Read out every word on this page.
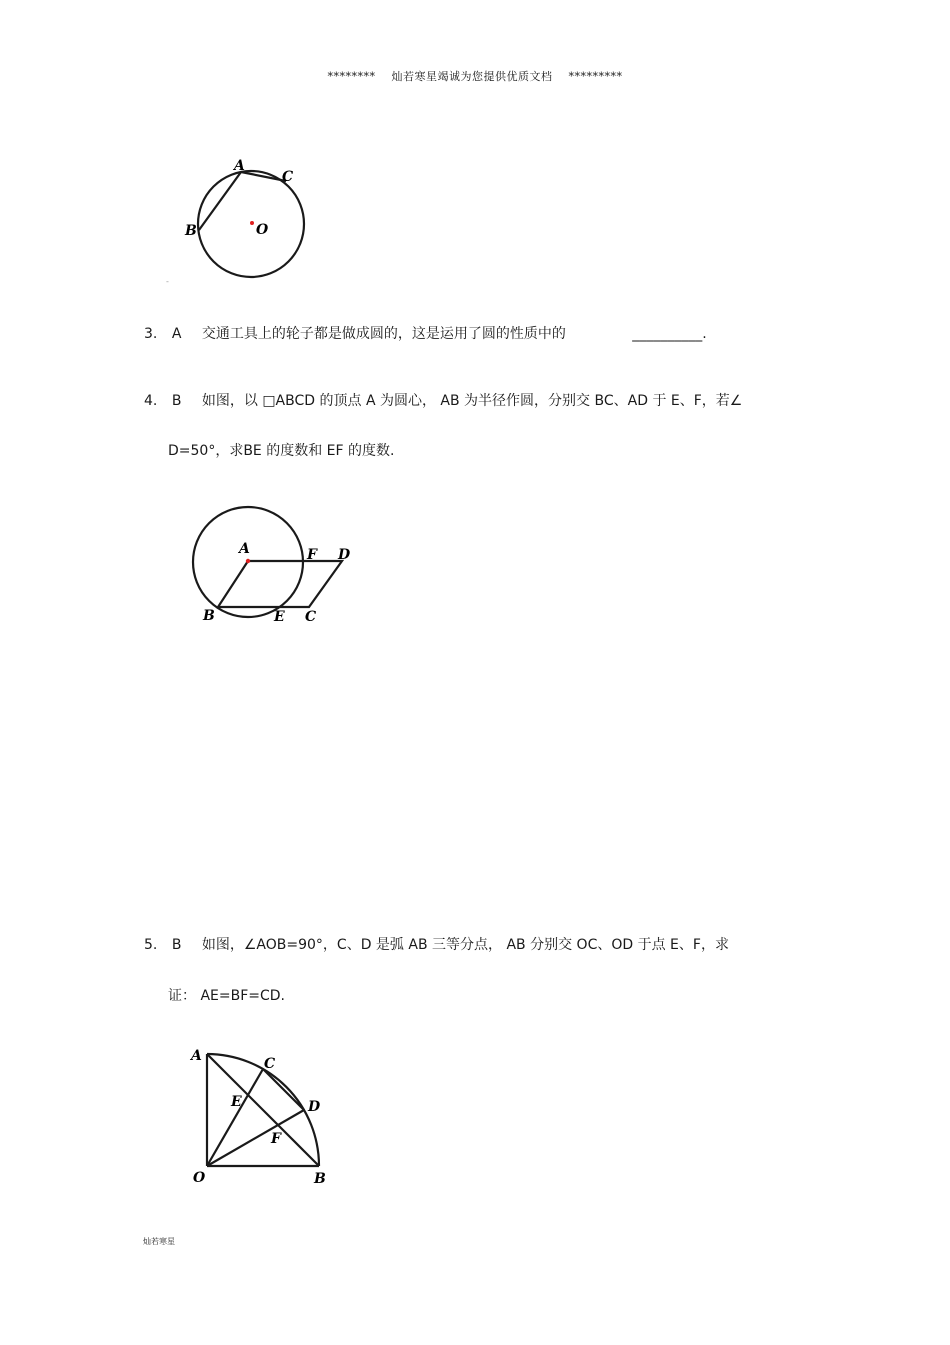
********    灿若寒星竭诚为您提供优质文档    *********
A
C
B	O
-
3. A 交通工具上的轮子都是做成圆的，这是运用了圆的性质中的	__________.
4. B 如图，以 □ABCD 的顶点 A 为圆心， AB 为半径作圆，分别交 BC、AD 于 E、F，若∠
D=50°，求BE 的度数和 EF 的度数.
A	F D
B	E C
5. B 如图，∠AOB=90°，C、D 是弧 AB 三等分点， AB 分别交 OC、OD 于点 E、F，求
证： AE=BF=CD.
A	C
D
E
F
O	B
灿若寒星
